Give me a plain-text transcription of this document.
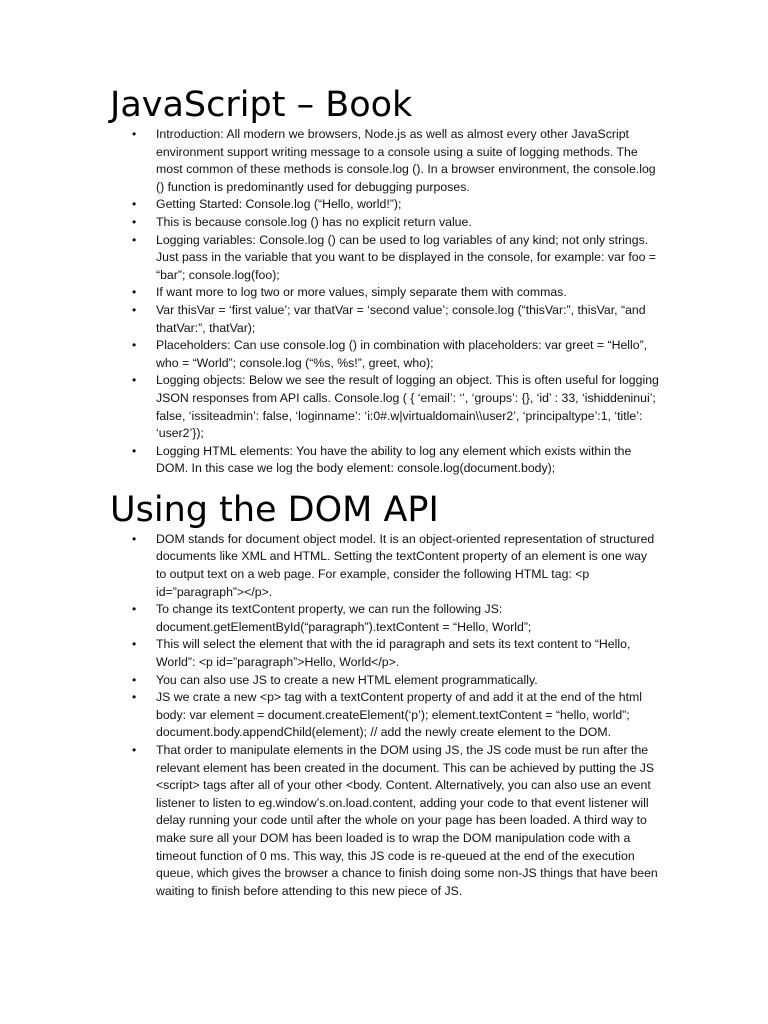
JavaScript – Book
• Introduction: All modern we browsers, Node.js as well as almost every other JavaScript environment support writing message to a console using a suite of logging methods. The most common of these methods is console.log (). In a browser environment, the console.log () function is predominantly used for debugging purposes.
• Getting Started: Console.log (“Hello, world!”);
• This is because console.log () has no explicit return value.
• Logging variables: Console.log () can be used to log variables of any kind; not only strings. Just pass in the variable that you want to be displayed in the console, for example: var foo = “bar”; console.log(foo);
• If want more to log two or more values, simply separate them with commas.
• Var thisVar = ‘first value’; var thatVar = ‘second value’; console.log (“thisVar:”, thisVar, “and thatVar:”, thatVar);
• Placeholders: Can use console.log () in combination with placeholders: var greet = “Hello”, who = “World”; console.log (“%s, %s!”, greet, who);
• Logging objects: Below we see the result of logging an object. This is often useful for logging JSON responses from API calls. Console.log ( { ‘email’: ‘’, ‘groups’: {}, ‘id’ : 33, ‘ishiddeninui’; false, ‘issiteadmin’: false, ‘loginname’: ‘i:0#.w|virtualdomain\\user2’, ‘principaltype’:1, ‘title’: ‘user2’});
• Logging HTML elements: You have the ability to log any element which exists within the DOM. In this case we log the body element: console.log(document.body);
Using the DOM API
• DOM stands for document object model. It is an object-oriented representation of structured documents like XML and HTML. Setting the textContent property of an element is one way to output text on a web page. For example, consider the following HTML tag: <p id=”paragraph”></p>.
• To change its textContent property, we can run the following JS: document.getElementById(“paragraph”).textContent = “Hello, World”;
• This will select the element that with the id paragraph and sets its text content to “Hello, World”: <p id=”paragraph”>Hello, World</p>.
• You can also use JS to create a new HTML element programmatically.
• JS we crate a new <p> tag with a textContent property of and add it at the end of the html body: var element = document.createElement(‘p’); element.textContent = “hello, world”; document.body.appendChild(element); // add the newly create element to the DOM.
• That order to manipulate elements in the DOM using JS, the JS code must be run after the relevant element has been created in the document. This can be achieved by putting the JS <script> tags after all of your other <body. Content. Alternatively, you can also use an event listener to listen to eg.window’s.on.load.content, adding your code to that event listener will delay running your code until after the whole on your page has been loaded. A third way to make sure all your DOM has been loaded is to wrap the DOM manipulation code with a timeout function of 0 ms. This way, this JS code is re-queued at the end of the execution queue, which gives the browser a chance to finish doing some non-JS things that have been waiting to finish before attending to this new piece of JS.
